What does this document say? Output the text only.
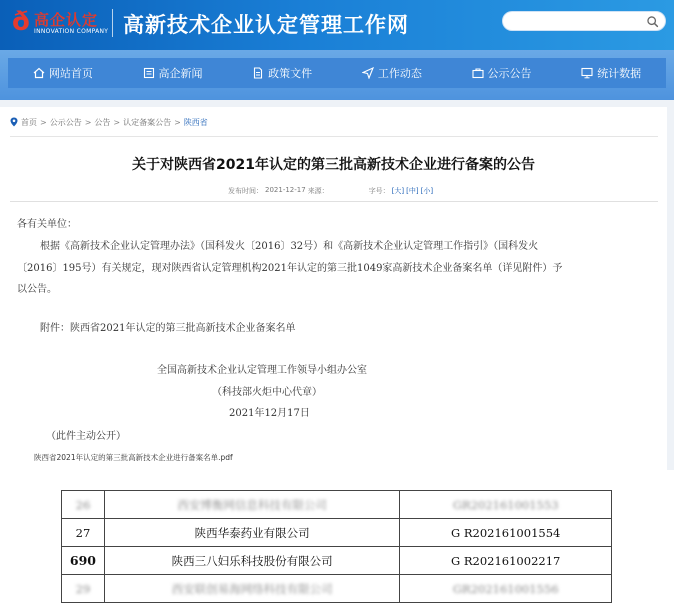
ð 高企认定
INNOVATION COMPANY 高新技术企业认定管理工作网
网站首页	高企新闻	政策文件	工作动态	公示公告	统计数据
首页 > 公示公告 > 公告 > 认定备案公告 > 陕西省
关于对陕西省2021年认定的第三批高新技术企业进行备案的公告
发布时间： 2021-12-17 来源：	字号： [大] [中] [小]
各有关单位：
根据《高新技术企业认定管理办法》（国科发火〔2016〕32号）和《高新技术企业认定管理工作指引》（国科发火
〔2016〕195号）有关规定，现对陕西省认定管理机构2021年认定的第三批1049家高新技术企业备案名单（详见附件）予
以公告。
附件：陕西省2021年认定的第三批高新技术企业备案名单
全国高新技术企业认定管理工作领导小组办公室
（科技部火炬中心代章）
2021年12月17日
（此件主动公开）
陕西省2021年认定的第三批高新技术企业进行备案名单.pdf
26	西安博衡网信息科技有限公司	GR202161001553
27	陕西华泰药业有限公司	G R202161001554
690	陕西三八妇乐科技股份有限公司	G R202161002217
29	西安联创易海网络科技有限公司	GR202161001556
